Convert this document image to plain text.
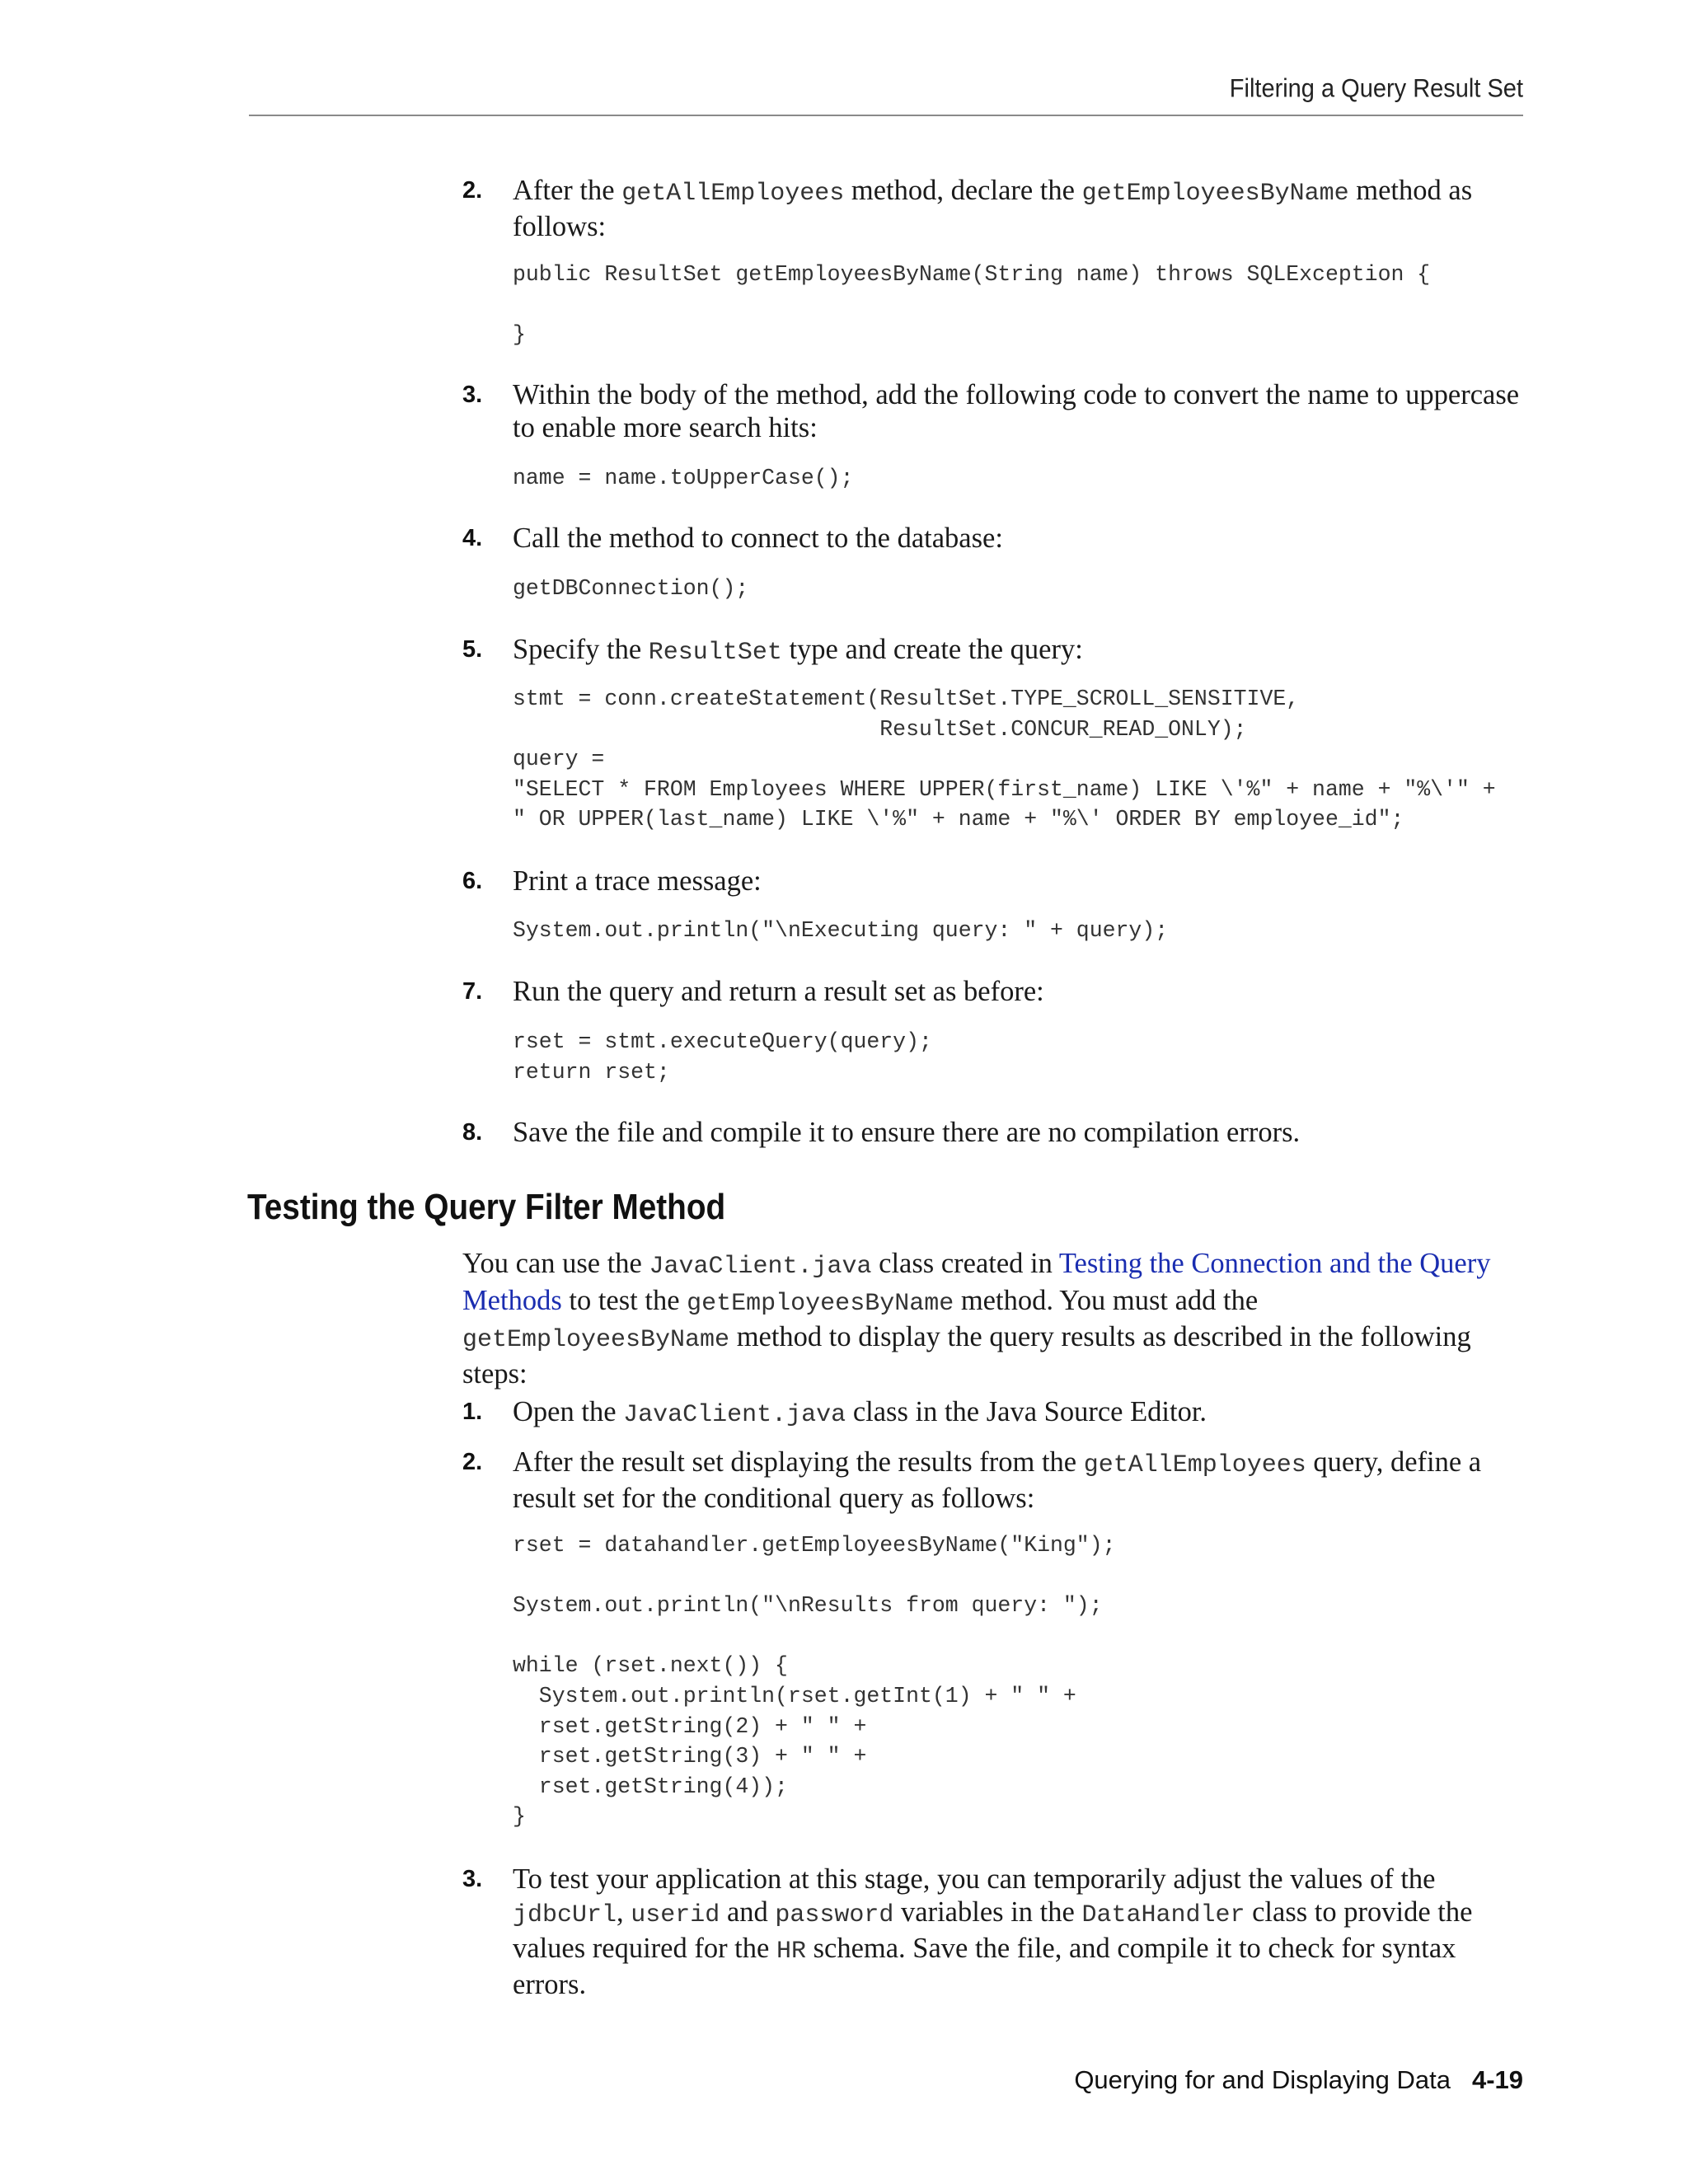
Filtering a Query Result Set
2. After the getAllEmployees method, declare the getEmployeesByName method as follows:
public ResultSet getEmployeesByName(String name) throws SQLException {

}
3. Within the body of the method, add the following code to convert the name to uppercase to enable more search hits:
name = name.toUpperCase();
4. Call the method to connect to the database:
getDBConnection();
5. Specify the ResultSet type and create the query:
stmt = conn.createStatement(ResultSet.TYPE_SCROLL_SENSITIVE,
ResultSet.CONCUR_READ_ONLY);
query =
"SELECT * FROM Employees WHERE UPPER(first_name) LIKE \'%" + name + "%\'" +
" OR UPPER(last_name) LIKE \'%" + name + "%\' ORDER BY employee_id";
6. Print a trace message:
System.out.println("\nExecuting query: " + query);
7. Run the query and return a result set as before:
rset = stmt.executeQuery(query);
return rset;
8. Save the file and compile it to ensure there are no compilation errors.
Testing the Query Filter Method
You can use the JavaClient.java class created in Testing the Connection and the Query Methods to test the getEmployeesByName method. You must add the getEmployeesByName method to display the query results as described in the following steps:
1. Open the JavaClient.java class in the Java Source Editor.
2. After the result set displaying the results from the getAllEmployees query, define a result set for the conditional query as follows:
rset = datahandler.getEmployeesByName("King");

System.out.println("\nResults from query: ");

while (rset.next()) {
System.out.println(rset.getInt(1) + " " +
rset.getString(2) + " " +
rset.getString(3) + " " +
rset.getString(4));
}
3. To test your application at this stage, you can temporarily adjust the values of the jdbcUrl, userid and password variables in the DataHandler class to provide the values required for the HR schema. Save the file, and compile it to check for syntax errors.
Querying for and Displaying Data 4-19
